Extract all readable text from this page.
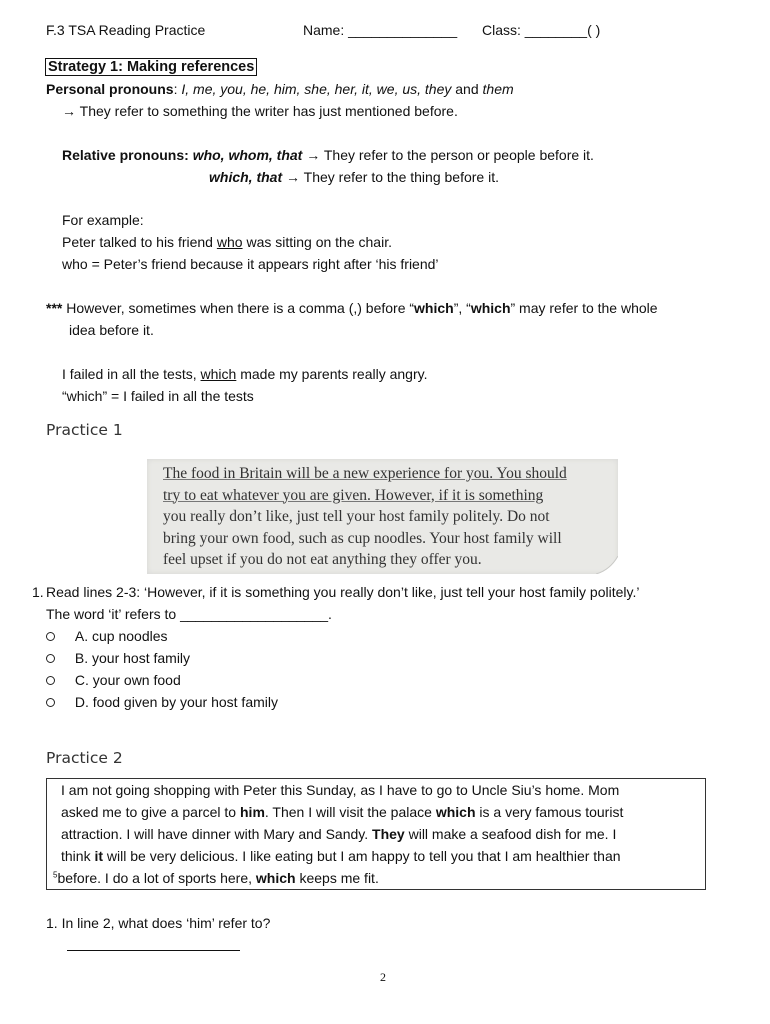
F.3 TSA Reading Practice	Name: ______________ Class: ________( )
Strategy 1: Making references
Personal pronouns: I, me, you, he, him, she, her, it, we, us, they and them
→ They refer to something the writer has just mentioned before.
Relative pronouns: who, whom, that → They refer to the person or people before it.
which, that → They refer to the thing before it.
For example:
Peter talked to his friend who was sitting on the chair.
who = Peter’s friend because it appears right after ‘his friend’
*** However, sometimes when there is a comma (,) before “which”, “which” may refer to the whole
idea before it.
I failed in all the tests, which made my parents really angry.
“which” = I failed in all the tests
Practice 1
The food in Britain will be a new experience for you. You should
try to eat whatever you are given. However, if it is something
you really don’t like, just tell your host family politely. Do not
bring your own food, such as cup noodles. Your host family will
feel upset if you do not eat anything they offer you.
1. Read lines 2-3: ‘However, if it is something you really don’t like, just tell your host family politely.’
The word ‘it’ refers to ___________________.
A. cup noodles
B. your host family
C. your own food
D. food given by your host family
Practice 2
I am not going shopping with Peter this Sunday, as I have to go to Uncle Siu’s home. Mom
asked me to give a parcel to him. Then I will visit the palace which is a very famous tourist
attraction. I will have dinner with Mary and Sandy. They will make a seafood dish for me. I
think it will be very delicious. I like eating but I am happy to tell you that I am healthier than
$^5$before. I do a lot of sports here, which keeps me fit.
1. In line 2, what does ‘him’ refer to?
2
